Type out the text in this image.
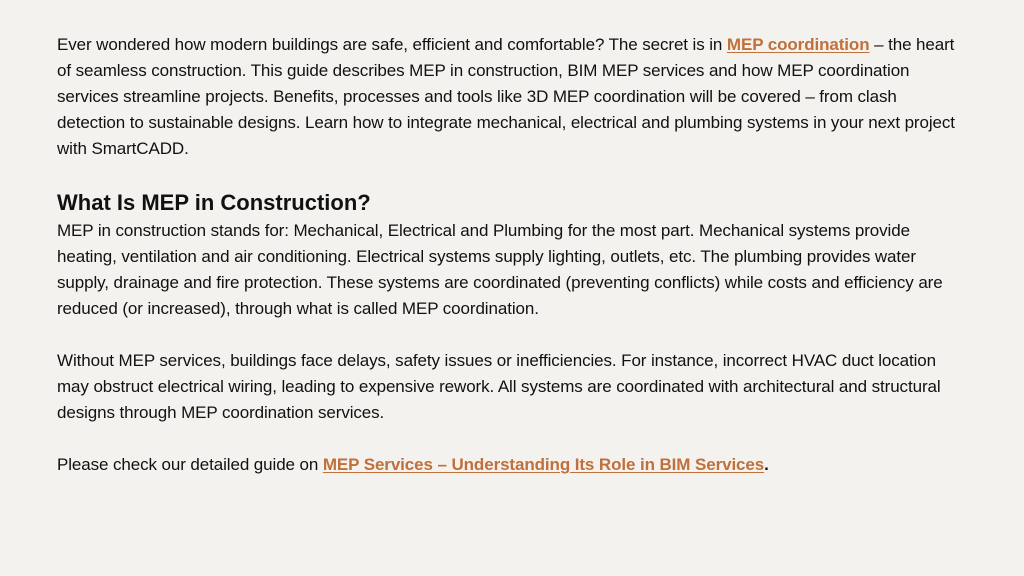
Ever wondered how modern buildings are safe, efficient and comfortable? The secret is in MEP coordination – the heart of seamless construction. This guide describes MEP in construction, BIM MEP services and how MEP coordination services streamline projects. Benefits, processes and tools like 3D MEP coordination will be covered – from clash detection to sustainable designs. Learn how to integrate mechanical, electrical and plumbing systems in your next project with SmartCADD.

What Is MEP in Construction?

MEP in construction stands for: Mechanical, Electrical and Plumbing for the most part. Mechanical systems provide heating, ventilation and air conditioning. Electrical systems supply lighting, outlets, etc. The plumbing provides water supply, drainage and fire protection. These systems are coordinated (preventing conflicts) while costs and efficiency are reduced (or increased), through what is called MEP coordination.

Without MEP services, buildings face delays, safety issues or inefficiencies. For instance, incorrect HVAC duct location may obstruct electrical wiring, leading to expensive rework. All systems are coordinated with architectural and structural designs through MEP coordination services.

Please check our detailed guide on MEP Services – Understanding Its Role in BIM Services.
